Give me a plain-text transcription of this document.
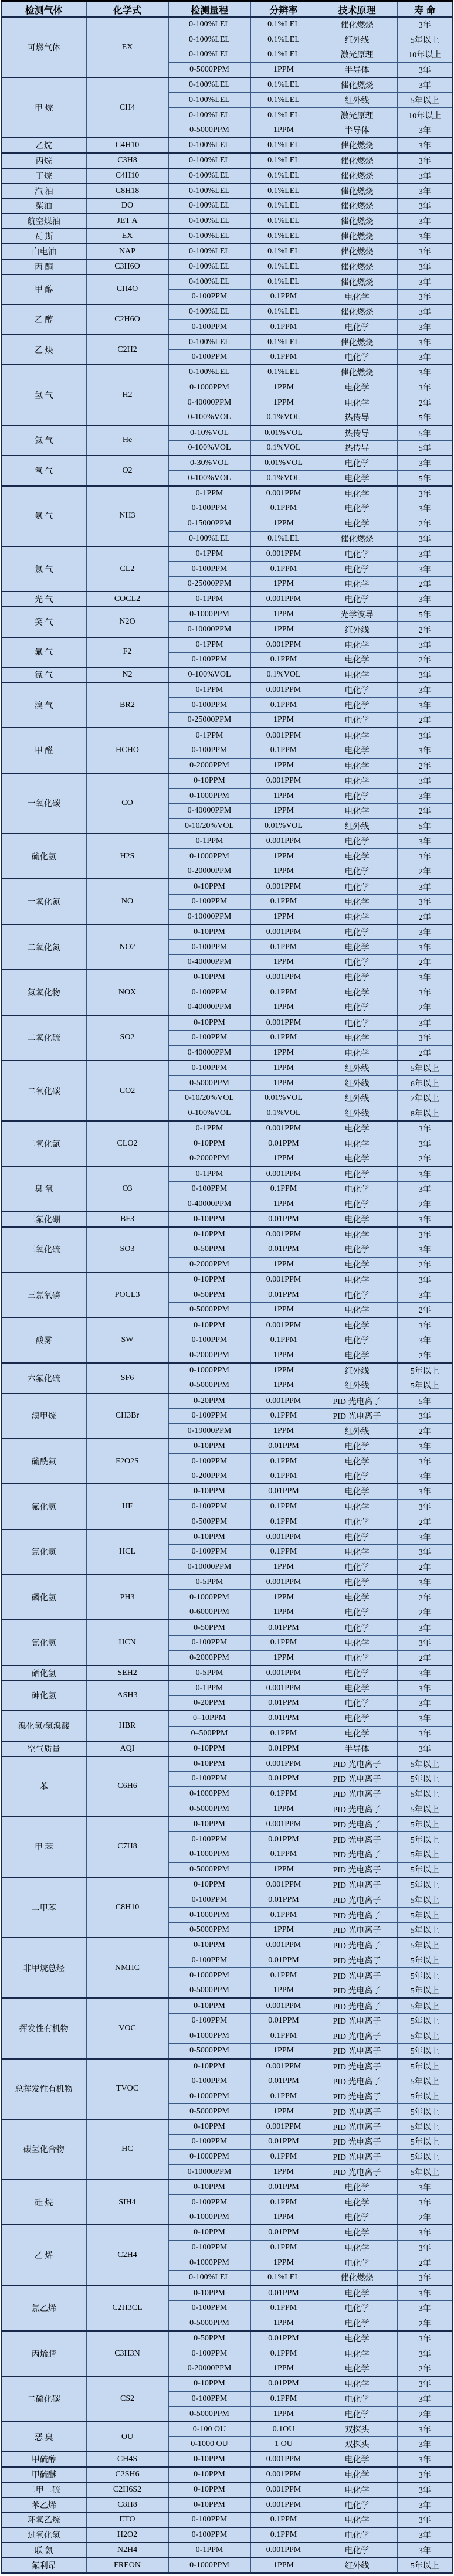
检测气体	化学式	检测量程	分辨率	技术原理	寿 命
可燃气体	EX	0-100%LEL	0.1%LEL	催化燃烧	3年
		0-100%LEL	0.1%LEL	红外线	5年以上
		0-100%LEL	0.1%LEL	激光原理	10年以上
		0-5000PPM	1PPM	半导体	3年
甲 烷	CH4	0-100%LEL	0.1%LEL	催化燃烧	3年
		0-100%LEL	0.1%LEL	红外线	5年以上
		0-100%LEL	0.1%LEL	激光原理	10年以上
		0-5000PPM	1PPM	半导体	3年
乙烷	C4H10	0-100%LEL	0.1%LEL	催化燃烧	3年
丙烷	C3H8	0-100%LEL	0.1%LEL	催化燃烧	3年
丁烷	C4H10	0-100%LEL	0.1%LEL	催化燃烧	3年
汽 油	C8H18	0-100%LEL	0.1%LEL	催化燃烧	3年
柴油	DO	0-100%LEL	0.1%LEL	催化燃烧	3年
航空煤油	JET A	0-100%LEL	0.1%LEL	催化燃烧	3年
瓦 斯	EX	0-100%LEL	0.1%LEL	催化燃烧	3年
白电油	NAP	0-100%LEL	0.1%LEL	催化燃烧	3年
丙 酮	C3H6O	0-100%LEL	0.1%LEL	催化燃烧	3年
甲 醇	CH4O	0-100%LEL	0.1%LEL	催化燃烧	3年
		0-100PPM	0.1PPM	电化学	3年
乙 醇	C2H6O	0-100%LEL	0.1%LEL	催化燃烧	3年
		0-100PPM	0.1PPM	电化学	3年
乙 炔	C2H2	0-100%LEL	0.1%LEL	催化燃烧	3年
		0-100PPM	0.1PPM	电化学	3年
氢 气	H2	0-100%LEL	0.1%LEL	催化燃烧	3年
		0-1000PPM	1PPM	电化学	3年
		0-40000PPM	1PPM	电化学	2年
		0-100%VOL	0.1%VOL	热传导	5年
氦 气	He	0-10%VOL	0.01%VOL	热传导	5年
		0-100%VOL	0.1%VOL	热传导	5年
氧 气	O2	0-30%VOL	0.01%VOL	电化学	3年
		0-100%VOL	0.1%VOL	电化学	5年
氨 气	NH3	0-1PPM	0.001PPM	电化学	3年
		0-100PPM	0.1PPM	电化学	3年
		0-15000PPM	1PPM	电化学	2年
		0-100%LEL	0.1%LEL	催化燃烧	3年
氯 气	CL2	0-1PPM	0.001PPM	电化学	3年
		0-100PPM	0.1PPM	电化学	3年
		0-25000PPM	1PPM	电化学	2年
光 气	COCL2	0-1PPM	0.001PPM	电化学	3年
笑 气	N2O	0-1000PPM	1PPM	光学波导	5年
		0-10000PPM	1PPM	红外线	2年
氟 气	F2	0-1PPM	0.001PPM	电化学	3年
		0-100PPM	0.1PPM	电化学	2年
氮 气	N2	0-100%VOL	0.1%VOL	电化学	3年
溴 气	BR2	0-1PPM	0.001PPM	电化学	3年
		0-100PPM	0.1PPM	电化学	3年
		0-25000PPM	1PPM	电化学	2年
甲 醛	HCHO	0-1PPM	0.001PPM	电化学	3年
		0-100PPM	0.1PPM	电化学	3年
		0-2000PPM	1PPM	电化学	2年
一氧化碳	CO	0-10PPM	0.001PPM	电化学	3年
		0-1000PPM	1PPM	电化学	3年
		0-40000PPM	1PPM	电化学	2年
		0-10/20%VOL	0.01%VOL	红外线	5年
硫化氢	H2S	0-1PPM	0.001PPM	电化学	3年
		0-1000PPM	1PPM	电化学	3年
		0-20000PPM	1PPM	电化学	2年
一氧化氮	NO	0-10PPM	0.001PPM	电化学	3年
		0-100PPM	0.1PPM	电化学	3年
		0-10000PPM	1PPM	电化学	2年
二氧化氮	NO2	0-10PPM	0.001PPM	电化学	3年
		0-100PPM	0.1PPM	电化学	3年
		0-40000PPM	1PPM	电化学	2年
氮氧化物	NOX	0-10PPM	0.001PPM	电化学	3年
		0-100PPM	0.1PPM	电化学	3年
		0-40000PPM	1PPM	电化学	2年
二氧化硫	SO2	0-10PPM	0.001PPM	电化学	3年
		0-100PPM	0.1PPM	电化学	3年
		0-40000PPM	1PPM	电化学	2年
二氧化碳	CO2	0-100PPM	1PPM	红外线	5年以上
		0-5000PPM	1PPM	红外线	6年以上
		0-10/20%VOL	0.01%VOL	红外线	7年以上
		0-100%VOL	0.1%VOL	红外线	8年以上
二氧化氯	CLO2	0-1PPM	0.001PPM	电化学	3年
		0-10PPM	0.01PPM	电化学	3年
		0-2000PPM	1PPM	电化学	2年
臭 氧	O3	0-1PPM	0.001PPM	电化学	3年
		0-100PPM	0.1PPM	电化学	3年
		0-40000PPM	1PPM	电化学	2年
三氟化硼	BF3	0-10PPM	0.01PPM	电化学	3年
三氧化硫	SO3	0-10PPM	0.001PPM	电化学	3年
		0-50PPM	0.01PPM	电化学	3年
		0-2000PPM	1PPM	电化学	2年
三氯氧磷	POCL3	0-10PPM	0.001PPM	电化学	3年
		0-50PPM	0.01PPM	电化学	3年
		0-5000PPM	1PPM	电化学	2年
酸雾	SW	0-10PPM	0.001PPM	电化学	3年
		0-100PPM	0.1PPM	电化学	3年
		0-2000PPM	1PPM	电化学	2年
六氟化硫	SF6	0-1000PPM	1PPM	红外线	5年以上
		0-5000PPM	1PPM	红外线	5年以上
溴甲烷	CH3Br	0-20PPM	0.001PPM	PID 光电离子	5年
		0-100PPM	0.1PPM	PID 光电离子	3年
		0-19000PPM	1PPM	红外线	2年
硫酰氟	F2O2S	0-10PPM	0.01PPM	电化学	3年
		0-100PPM	0.1PPM	电化学	3年
		0-200PPM	0.1PPM	电化学	3年
氟化氢	HF	0-10PPM	0.01PPM	电化学	3年
		0-100PPM	0.1PPM	电化学	3年
		0-500PPM	0.1PPM	电化学	2年
氯化氢	HCL	0-10PPM	0.001PPM	电化学	3年
		0-100PPM	0.1PPM	电化学	3年
		0-10000PPM	1PPM	电化学	2年
磷化氢	PH3	0-5PPM	0.001PPM	电化学	3年
		0-1000PPM	1PPM	电化学	2年
		0-6000PPM	1PPM	电化学	2年
氰化氢	HCN	0-50PPM	0.01PPM	电化学	3年
		0-100PPM	0.1PPM	电化学	3年
		0-2000PPM	1PPM	电化学	2年
硒化氢	SEH2	0-5PPM	0.001PPM	电化学	3年
砷化氢	ASH3	0-1PPM	0.001PPM	电化学	3年
		0-20PPM	0.01PPM	电化学	3年
溴化氢/氢溴酸	HBR	0–10PPM	0.01PPM	电化学	3年
		0–500PPM	0.1PPM	电化学	3年
空气质量	AQI	0-10PPM	0.01PPM	半导体	3年
苯	C6H6	0-10PPM	0.001PPM	PID 光电离子	5年以上
		0-100PPM	0.01PPM	PID 光电离子	5年以上
		0-1000PPM	0.1PPM	PID 光电离子	5年以上
		0-5000PPM	1PPM	PID 光电离子	5年以上
甲 苯	C7H8	0-10PPM	0.001PPM	PID 光电离子	5年以上
		0-100PPM	0.01PPM	PID 光电离子	5年以上
		0-1000PPM	0.1PPM	PID 光电离子	5年以上
		0-5000PPM	1PPM	PID 光电离子	5年以上
二甲苯	C8H10	0-10PPM	0.001PPM	PID 光电离子	5年以上
		0-100PPM	0.01PPM	PID 光电离子	5年以上
		0-1000PPM	0.1PPM	PID 光电离子	5年以上
		0-5000PPM	1PPM	PID 光电离子	5年以上
非甲烷总烃	NMHC	0-10PPM	0.001PPM	PID 光电离子	5年以上
		0-100PPM	0.01PPM	PID 光电离子	5年以上
		0-1000PPM	0.1PPM	PID 光电离子	5年以上
		0-5000PPM	1PPM	PID 光电离子	5年以上
挥发性有机物	VOC	0-10PPM	0.001PPM	PID 光电离子	5年以上
		0-100PPM	0.01PPM	PID 光电离子	5年以上
		0-1000PPM	0.1PPM	PID 光电离子	5年以上
		0-5000PPM	1PPM	PID 光电离子	5年以上
总挥发性有机物	TVOC	0-10PPM	0.001PPM	PID 光电离子	5年以上
		0-100PPM	0.01PPM	PID 光电离子	5年以上
		0-1000PPM	0.1PPM	PID 光电离子	5年以上
		0-5000PPM	1PPM	PID 光电离子	5年以上
碳氢化合物	HC	0-10PPM	0.001PPM	PID 光电离子	5年以上
		0-100PPM	0.01PPM	PID 光电离子	5年以上
		0-1000PPM	0.1PPM	PID 光电离子	5年以上
		0-10000PPM	1PPM	PID 光电离子	5年以上
硅 烷	SIH4	0-10PPM	0.01PPM	电化学	3年
		0-100PPM	0.1PPM	电化学	3年
		0-1000PPM	1PPM	电化学	2年
乙 烯	C2H4	0-10PPM	0.01PPM	电化学	3年
		0-100PPM	0.1PPM	电化学	3年
		0-1000PPM	1PPM	电化学	2年
		0-100%LEL	0.1%LEL	催化燃烧	3年
氯乙烯	C2H3CL	0-10PPM	0.01PPM	电化学	3年
		0-100PPM	0.1PPM	电化学	3年
		0-5000PPM	1PPM	电化学	2年
丙烯腈	C3H3N	0-50PPM	0.01PPM	电化学	3年
		0-100PPM	0.1PPM	电化学	3年
		0-20000PPM	1PPM	电化学	2年
二硫化碳	CS2	0-10PPM	0.01PPM	电化学	3年
		0-100PPM	0.1PPM	电化学	3年
		0-5000PPM	1PPM	电化学	2年
恶 臭	OU	0-100 OU	0.1OU	双探头	3年
		0-1000 OU	1 OU	双探头	3年
甲硫醇	CH4S	0-10PPM	0.001PPM	电化学	3年
甲硫醚	C2SH6	0-10PPM	0.001PPM	电化学	3年
二甲二硫	C2H6S2	0-10PPM	0.001PPM	电化学	3年
苯乙烯	C8H8	0-10PPM	0.001PPM	电化学	3年
环氧乙烷	ETO	0-100PPM	0.1PPM	电化学	3年
过氧化氢	H2O2	0-100PPM	0.1PPM	电化学	3年
联 氨	N2H4	0-1PPM	0.001PPM	电化学	3年
氟利昂	FREON	0-1000PPM	1PPM	红外线	5年以上
